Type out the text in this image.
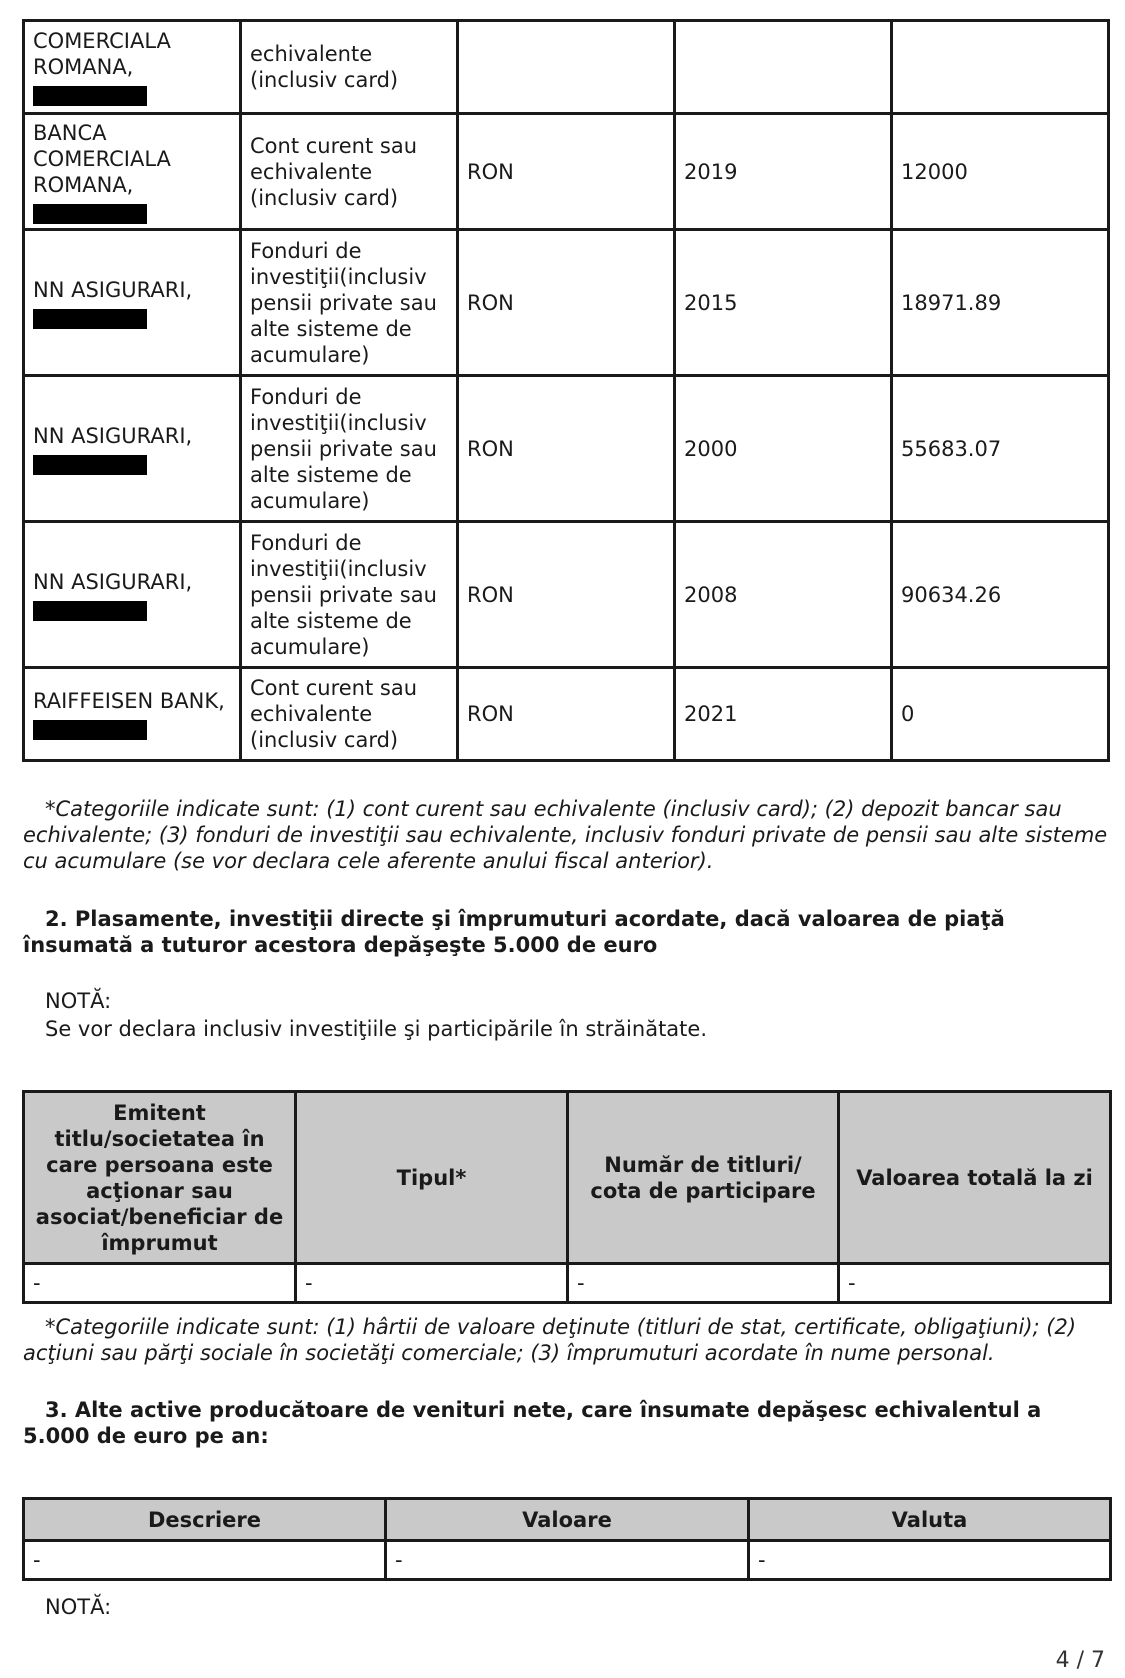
COMERCIALA ROMANA,	echivalente (inclusiv card)			
BANCA COMERCIALA ROMANA,	Cont curent sau echivalente (inclusiv card)	RON	2019	12000
NN ASIGURARI,	Fonduri de investiţii(inclusiv pensii private sau alte sisteme de acumulare)	RON	2015	18971.89
NN ASIGURARI,	Fonduri de investiţii(inclusiv pensii private sau alte sisteme de acumulare)	RON	2000	55683.07
NN ASIGURARI,	Fonduri de investiţii(inclusiv pensii private sau alte sisteme de acumulare)	RON	2008	90634.26
RAIFFEISEN BANK,	Cont curent sau echivalente (inclusiv card)	RON	2021	0

*Categoriile indicate sunt: (1) cont curent sau echivalente (inclusiv card); (2) depozit bancar sau echivalente; (3) fonduri de investiţii sau echivalente, inclusiv fonduri private de pensii sau alte sisteme cu acumulare (se vor declara cele aferente anului fiscal anterior).

2. Plasamente, investiţii directe şi împrumuturi acordate, dacă valoarea de piaţă însumată a tuturor acestora depăşeşte 5.000 de euro

NOTĂ:

Se vor declara inclusiv investiţiile şi participările în străinătate.

Emitent titlu/societatea în care persoana este acţionar sau asociat/beneficiar de împrumut	Tipul*	Număr de titluri/ cota de participare	Valoarea totală la zi
-	-	-	-

*Categoriile indicate sunt: (1) hârtii de valoare deţinute (titluri de stat, certificate, obligaţiuni); (2) acţiuni sau părţi sociale în societăţi comerciale; (3) împrumuturi acordate în nume personal.

3. Alte active producătoare de venituri nete, care însumate depăşesc echivalentul a 5.000 de euro pe an:

Descriere	Valoare	Valuta
-	-	-

NOTĂ:

4 / 7
